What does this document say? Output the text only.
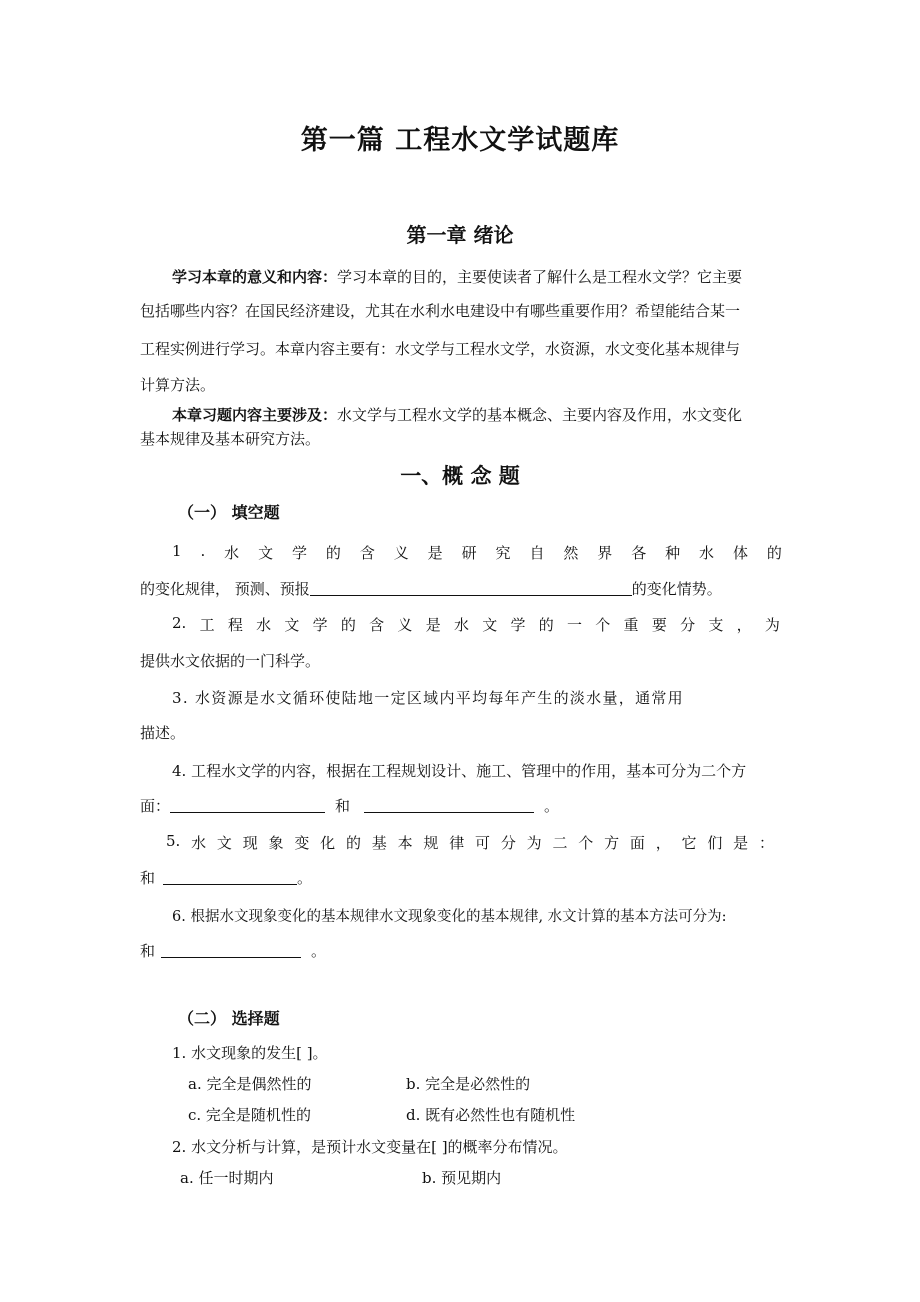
第一篇 工程水文学试题库
第一章 绪论
学习本章的意义和内容：学习本章的目的，主要使读者了解什么是工程水文学？它主要
包括哪些内容？在国民经济建设，尤其在水利水电建设中有哪些重要作用？希望能结合某一
工程实例进行学习。本章内容主要有：水文学与工程水文学，水资源，水文变化基本规律与
计算方法。
本章习题内容主要涉及：水文学与工程水文学的基本概念、主要内容及作用，水文变化
基本规律及基本研究方法。
一、概 念 题
（一） 填空题
1 . 水 文 学 的 含 义 是 研 究 自 然 界 各 种 水 体 的
的变化规律， 预测、预报	的变化情势。
2. 工 程 水 文 学 的 含 义 是 水 文 学 的 一 个 重 要 分 支 ， 为
提供水文依据的一门科学。
3. 水资源是水文循环使陆地一定区域内平均每年产生的淡水量，通常用
描述。
4. 工程水文学的内容，根据在工程规划设计、施工、管理中的作用，基本可分为二个方
面：	和	。
5. 水 文 现 象 变 化 的 基 本 规 律 可 分 为 二 个 方 面 ， 它 们 是 ：
和	。
6. 根据水文现象变化的基本规律水文现象变化的基本规律, 水文计算的基本方法可分为:
和	。
（二） 选择题
1. 水文现象的发生[ ]。
a. 完全是偶然性的	b. 完全是必然性的
c. 完全是随机性的	d. 既有必然性也有随机性
2. 水文分析与计算，是预计水文变量在[ ]的概率分布情况。
a. 任一时期内	b. 预见期内
